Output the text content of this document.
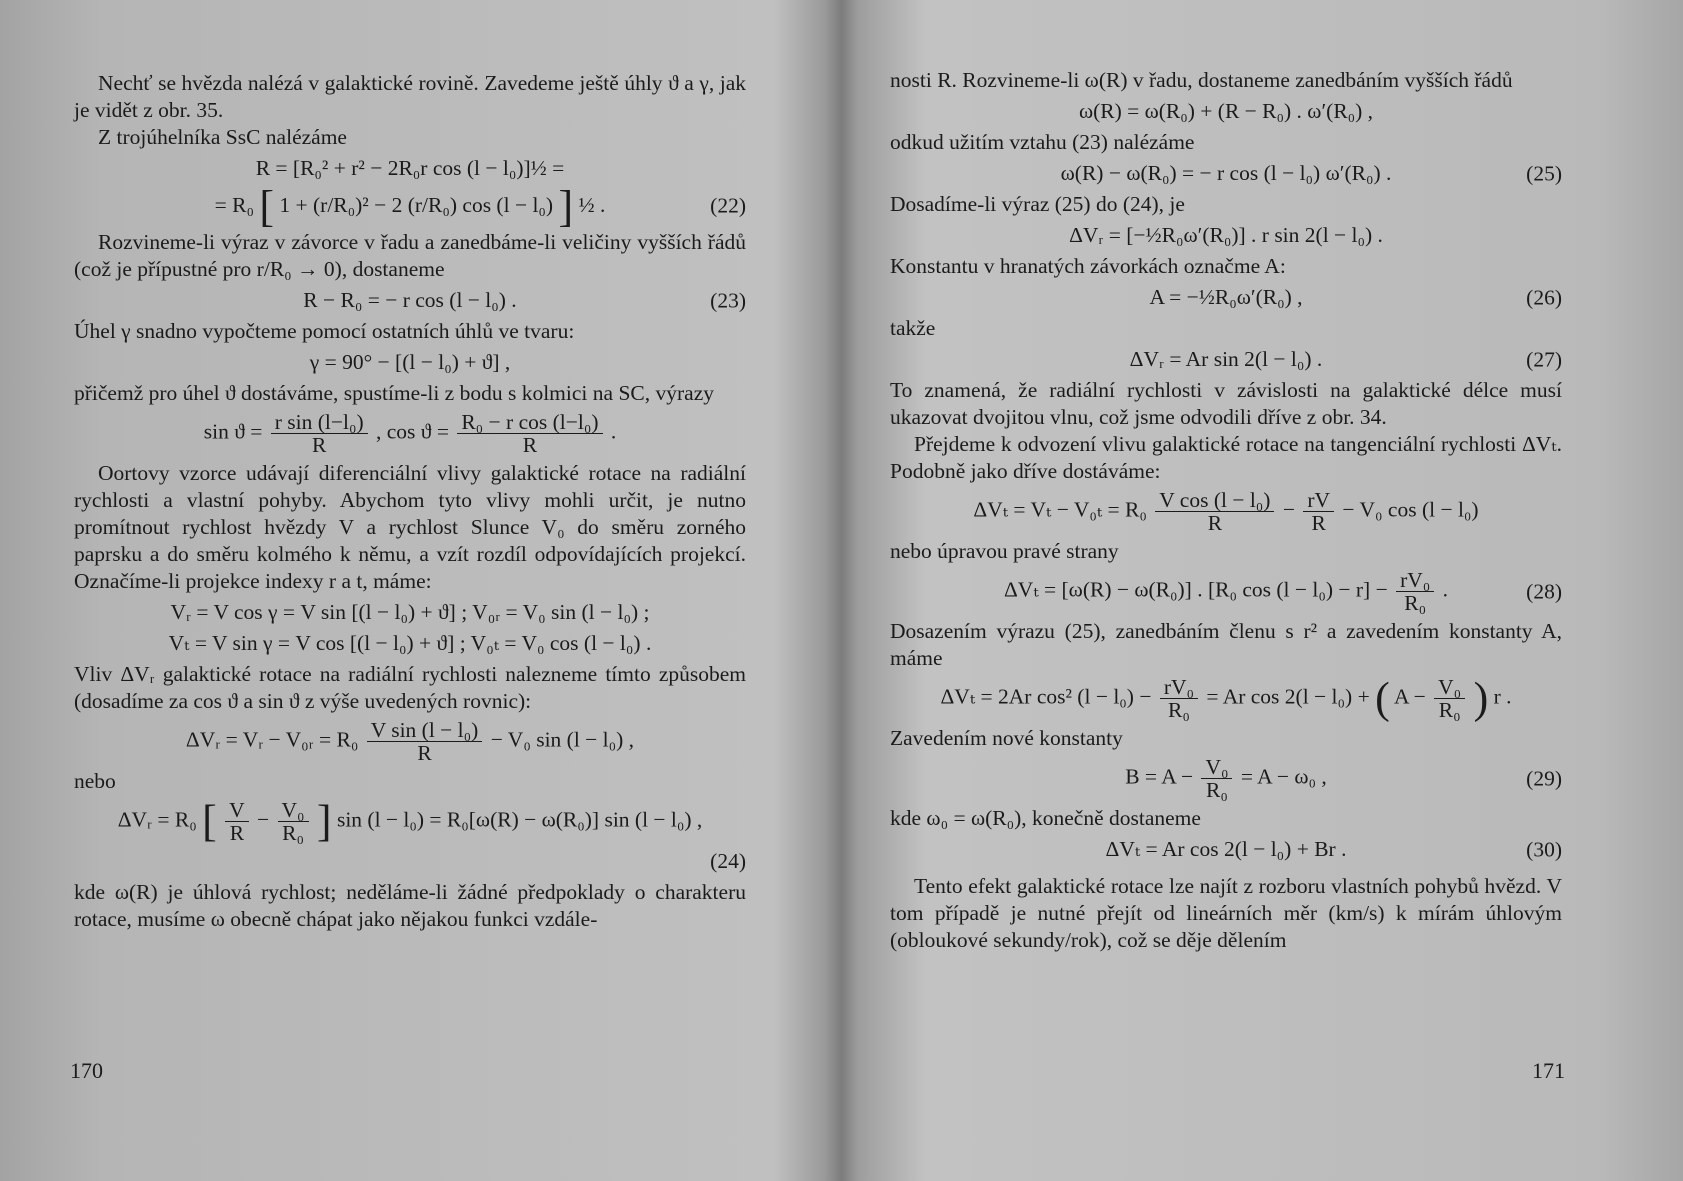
Nechť se hvězda nalézá v galaktické rovině. Zavedeme ještě úhly ϑ a γ, jak je vidět z obr. 35.

Z trojúhelníka SsC nalézáme

R = [R₀² + r² − 2R₀r cos (l − l₀)]½ =
= R₀ [ 1 + (r/R₀)² − 2 (r/R₀) cos (l − l₀) ] ½ .	(22)

Rozvineme-li výraz v závorce v řadu a zanedbáme-li veličiny vyšších řádů (což je přípustné pro r/R₀ → 0), dostaneme

R − R₀ = − r cos (l − l₀) .	(23)

Úhel γ snadno vypočteme pomocí ostatních úhlů ve tvaru:

γ = 90° − [(l − l₀) + ϑ] ,

přičemž pro úhel ϑ dostáváme, spustíme-li z bodu s kolmici na SC, výrazy

$\sin ϑ = \frac{\text{r sin (l−l₀)}}{R}$ , $\cos ϑ = \frac{\text{R₀ − r cos (l−l₀)}}{R}$ .

Oortovy vzorce udávají diferenciální vlivy galaktické rotace na radiální rychlosti a vlastní pohyby. Abychom tyto vlivy mohli určit, je nutno promítnout rychlost hvězdy V a rychlost Slunce V₀ do směru zorného paprsku a do směru kolmého k němu, a vzít rozdíl odpovídajících projekcí. Označíme-li projekce indexy r a t, máme:

Vᵣ = V cos γ = V sin [(l − l₀) + ϑ] ; V₀ᵣ = V₀ sin (l − l₀) ;
Vₜ = V sin γ = V cos [(l − l₀) + ϑ] ; V₀ₜ = V₀ cos (l − l₀) .

Vliv ΔVᵣ galaktické rotace na radiální rychlosti nalezneme tímto způsobem (dosadíme za cos ϑ a sin ϑ z výše uvedených rovnic):

ΔVᵣ = Vᵣ − V₀ᵣ = $R_0 \frac{\text{V sin (l − l₀)}}{R} - V_0$ sin (l − l₀) ,

nebo

ΔVᵣ = R₀ [ $\frac{V}{R} - \frac{\text{V₀}}{\text{R₀}}$ ] sin (l − l₀) = R₀[ω(R) − ω(R₀)] sin (l − l₀) ,
(24)

kde ω(R) je úhlová rychlost; neděláme-li žádné předpoklady o charakteru rotace, musíme ω obecně chápat jako nějakou funkci vzdále-

170

nosti R. Rozvineme-li ω(R) v řadu, dostaneme zanedbáním vyšších řádů

ω(R) = ω(R₀) + (R − R₀) . ω′(R₀) ,

odkud užitím vztahu (23) nalézáme

ω(R) − ω(R₀) = − r cos (l − l₀) ω′(R₀) .	(25)

Dosadíme-li výraz (25) do (24), je

ΔVᵣ = [−½R₀ω′(R₀)] . r sin 2(l − l₀) .

Konstantu v hranatých závorkách označme A:

A = −½R₀ω′(R₀) ,	(26)

takže

ΔVᵣ = Ar sin 2(l − l₀) .	(27)

To znamená, že radiální rychlosti v závislosti na galaktické délce musí ukazovat dvojitou vlnu, což jsme odvodili dříve z obr. 34.

Přejdeme k odvození vlivu galaktické rotace na tangenciální rychlosti ΔVₜ. Podobně jako dříve dostáváme:

$\Delta V_t = V_t - V_{0t} = R_0 \frac{\text{V cos (l − l₀)}}{R} - \frac{rV}{R} - V_0$ cos (l − l₀)

nebo úpravou pravé strany

ΔVₜ = [ω(R) − ω(R₀)] . [R₀ $\cos (l - l_0) - r] - \frac{\text{rV₀}}{\text{R₀}}$ .	(28)

Dosazením výrazu (25), zanedbáním členu s r² a zavedením konstanty A, máme

ΔVₜ = 2Ar cos² $(l - l_0) - \frac{\text{rV₀}}{\text{R₀}} = Ar$ cos 2(l − l₀) + ( $A - \frac{\text{V₀}}{\text{R₀}}$ ) r .

Zavedením nové konstanty

$B = A - \frac{\text{V₀}}{\text{R₀}} = A - \omega_0$ ,	(29)

kde ω₀ = ω(R₀), konečně dostaneme

ΔVₜ = Ar cos 2(l − l₀) + Br .	(30)

Tento efekt galaktické rotace lze najít z rozboru vlastních pohybů hvězd. V tom případě je nutné přejít od lineárních měr (km/s) k mírám úhlovým (obloukové sekundy/rok), což se děje dělením

171
